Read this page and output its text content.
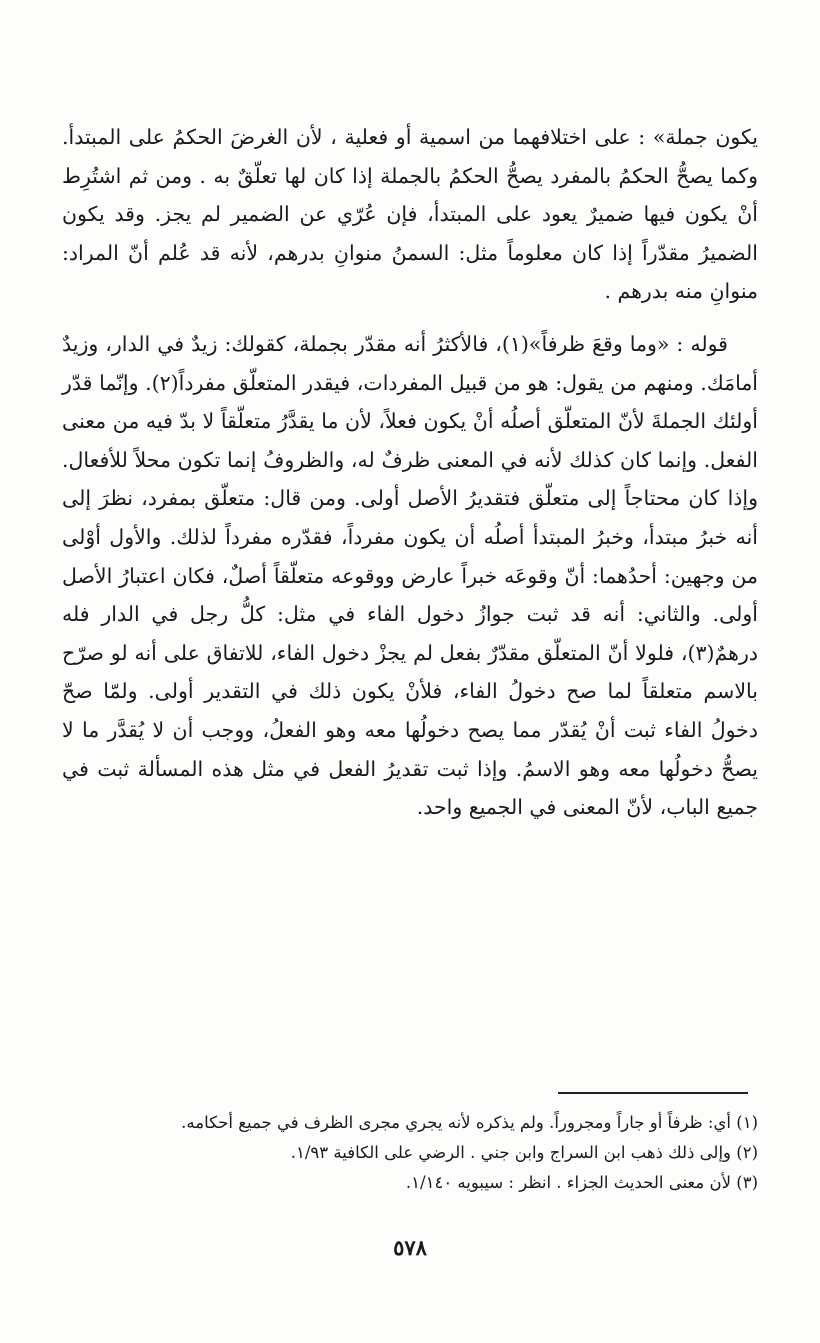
يكون جملة» : على اختلافهما من اسمية أو فعلية ، لأن الغرضَ الحكمُ على المبتدأ. وكما يصحُّ الحكمُ بالمفرد يصحُّ الحكمُ بالجملة إذا كان لها تعلّقٌ به . ومن ثم اشتُرِط أنْ يكون فيها ضميرٌ يعود على المبتدأ، فإن عُرّي عن الضمير لم يجز. وقد يكون الضميرُ مقدّراً إذا كان معلوماً مثل: السمنُ منوانِ بدرهم، لأنه قد عُلم أنّ المراد: منوانِ منه بدرهم .

قوله : «وما وقعَ ظرفاً»(١)، فالأكثرُ أنه مقدّر بجملة، كقولك: زيدٌ في الدار، وزيدٌ أمامَك. ومنهم من يقول: هو من قبيل المفردات، فيقدر المتعلّق مفرداً(٢). وإنّما قدّر أولئك الجملةَ لأنّ المتعلّق أصلُه أنْ يكون فعلاً، لأن ما يقدَّرُ متعلّقاً لا بدّ فيه من معنى الفعل. وإنما كان كذلك لأنه في المعنى ظرفٌ له، والظروفُ إنما تكون محلاً للأفعال. وإذا كان محتاجاً إلى متعلّق فتقديرُ الأصل أولى. ومن قال: متعلّق بمفرد، نظرَ إلى أنه خبرُ مبتدأ، وخبرُ المبتدأ أصلُه أن يكون مفرداً، فقدّره مفرداً لذلك. والأول أوْلى من وجهين: أحدُهما: أنّ وقوعَه خبراً عارض ووقوعه متعلّقاً أصلٌ، فكان اعتبارُ الأصل أولى. والثاني: أنه قد ثبت جوازُ دخول الفاء في مثل: كلُّ رجل في الدار فله درهمٌ(٣)، فلولا أنّ المتعلّق مقدّرٌ بفعل لم يجزْ دخول الفاء، للاتفاق على أنه لو صرّح بالاسم متعلقاً لما صح دخولُ الفاء، فلأنْ يكون ذلك في التقدير أولى. ولمّا صحّ دخولُ الفاء ثبت أنْ يُقدّر مما يصح دخولُها معه وهو الفعلُ، ووجب أن لا يُقدَّر ما لا يصحُّ دخولُها معه وهو الاسمُ. وإذا ثبت تقديرُ الفعل في مثل هذه المسألة ثبت في جميع الباب، لأنّ المعنى في الجميع واحد.

(١) أي: ظرفاً أو جاراً ومجروراً. ولم يذكره لأنه يجري مجرى الظرف في جميع أحكامه.

(٢) وإلى ذلك ذهب ابن السراج وابن جني . الرضي على الكافية ١/٩٣.

(٣) لأن معنى الحديث الجزاء . انظر : سيبويه ١/١٤٠.

٥٧٨
